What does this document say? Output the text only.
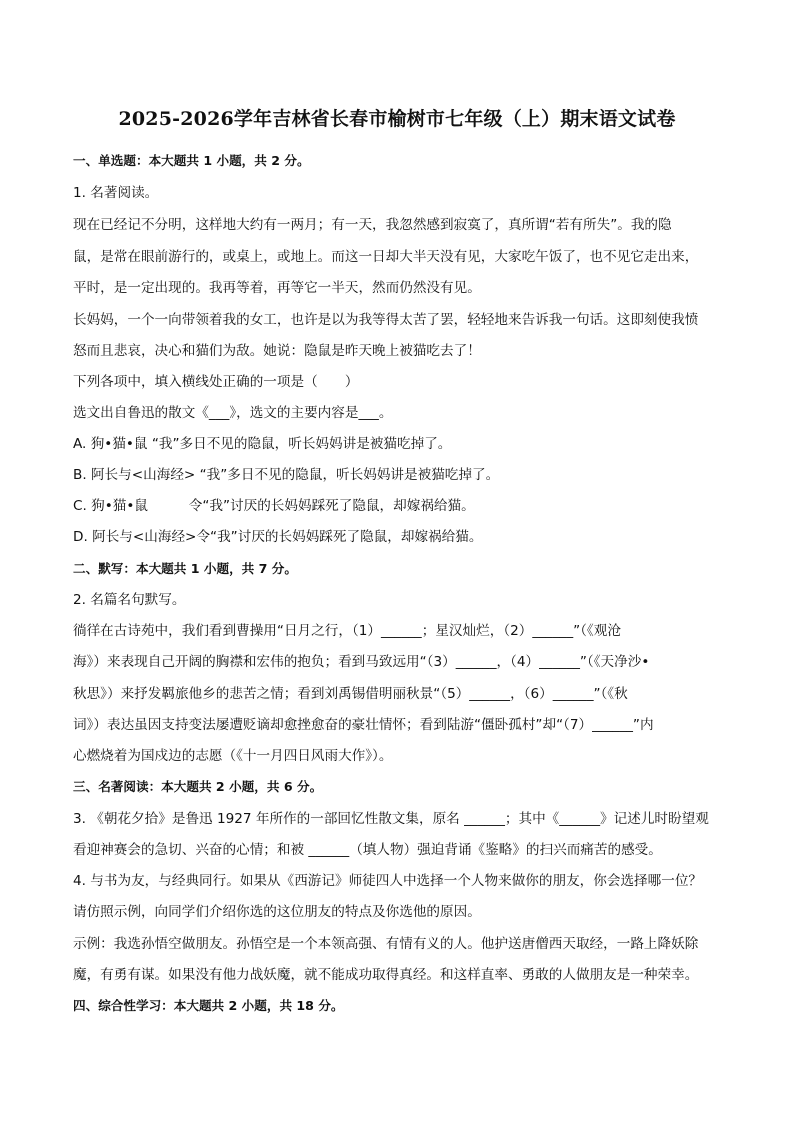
2025-2026学年吉林省长春市榆树市七年级（上）期末语文试卷
一、单选题：本大题共 1 小题，共 2 分。
1. 名著阅读。
现在已经记不分明，这样地大约有一两月；有一天，我忽然感到寂寞了，真所谓“若有所失”。我的隐
鼠，是常在眼前游行的，或桌上，或地上。而这一日却大半天没有见，大家吃午饭了，也不见它走出来，
平时，是一定出现的。我再等着，再等它一半天，然而仍然没有见。
长妈妈，一个一向带领着我的女工，也许是以为我等得太苦了罢，轻轻地来告诉我一句话。这即刻使我愤
怒而且悲哀，决心和猫们为敌。她说：隐鼠是昨天晚上被猫吃去了！
下列各项中，填入横线处正确的一项是（　　）
选文出自鲁迅的散文《___》，选文的主要内容是___。
A. 狗•猫•鼠 “我”多日不见的隐鼠，听长妈妈讲是被猫吃掉了。
B. 阿长与<山海经> “我”多日不见的隐鼠，听长妈妈讲是被猫吃掉了。
C. 狗•猫•鼠　　　令“我”讨厌的长妈妈踩死了隐鼠，却嫁祸给猫。
D. 阿长与<山海经>令“我”讨厌的长妈妈踩死了隐鼠，却嫁祸给猫。
二、默写：本大题共 1 小题，共 7 分。
2. 名篇名句默写。
徜徉在古诗苑中，我们看到曹操用“日月之行，（1）______；星汉灿烂，（2）______”（《观沧
海》）来表现自己开阔的胸襟和宏伟的抱负；看到马致远用“（3）______，（4）______”（《天净沙•
秋思》）来抒发羁旅他乡的悲苦之情；看到刘禹锡借明丽秋景“（5）______，（6）______”（《秋
词》）表达虽因支持变法屡遭贬谪却愈挫愈奋的豪壮情怀；看到陆游“僵卧孤村”却“（7）______”内
心燃烧着为国戍边的志愿（《十一月四日风雨大作》）。
三、名著阅读：本大题共 2 小题，共 6 分。
3. 《朝花夕拾》是鲁迅 1927 年所作的一部回忆性散文集，原名 ______；其中《______》记述儿时盼望观
看迎神赛会的急切、兴奋的心情；和被 ______（填人物）强迫背诵《鉴略》的扫兴而痛苦的感受。
4. 与书为友，与经典同行。如果从《西游记》师徒四人中选择一个人物来做你的朋友，你会选择哪一位？
请仿照示例，向同学们介绍你选的这位朋友的特点及你选他的原因。
示例：我选孙悟空做朋友。孙悟空是一个本领高强、有情有义的人。他护送唐僧西天取经，一路上降妖除
魔，有勇有谋。如果没有他力战妖魔，就不能成功取得真经。和这样直率、勇敢的人做朋友是一种荣幸。
四、综合性学习：本大题共 2 小题，共 18 分。
